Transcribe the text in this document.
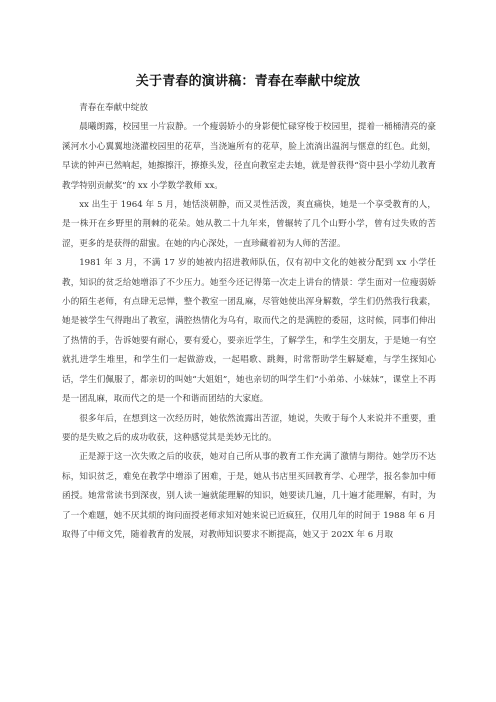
关于青春的演讲稿：青春在奉献中绽放

青春在奉献中绽放

晨曦朗露，校园里一片寂静。一个瘦弱娇小的身影便忙碌穿梭于校园里，提着一桶桶清亮的豪溪河水小心翼翼地浇灌校园里的花草，当浇遍所有的花草，脸上流淌出温润与惬意的红色。此刻，早读的钟声已然响起，她擦擦汗，撩撩头发，径直向教室走去她，就是曾获得“资中县小学幼儿教育教学特别贡献奖”的 xx 小学数学教师 xx。

xx 出生于 1964 年 5 月，她恬淡朝静，而又灵性活泼，爽直痛快，她是一个享受教育的人，是一株开在乡野里的荆棘的花朵。她从教二十九年来，曾辗转了几个山野小学，曾有过失败的苦涩，更多的是获得的甜蜜。在她的内心深处，一直珍藏着初为人师的苦涩。

1981 年 3 月，不满 17 岁的她被内招进教师队伍，仅有初中文化的她被分配到 xx 小学任教，知识的贫乏给她增添了不少压力。她至今还记得第一次走上讲台的情景：学生面对一位瘦弱娇小的陌生老师，有点肆无忌惮，整个教室一团乱麻，尽管她使出浑身解数，学生们仍然我行我素，她是被学生气得跑出了教室，满腔热情化为乌有，取而代之的是满腔的委屈，这时候，同事们伸出了热情的手，告诉她要有耐心，要有爱心，要亲近学生，了解学生，和学生交朋友，于是她一有空就扎进学生堆里，和学生们一起做游戏，一起唱歌、跳舞，时常帮助学生解疑难，与学生探知心话，学生们佩服了，都亲切的叫她“大姐姐”，她也亲切的叫学生们“小弟弟、小妹妹”，课堂上不再是一团乱麻，取而代之的是一个和谐而团结的大家庭。

很多年后，在想到这一次经历时，她依然流露出苦涩，她说，失败于每个人来说并不重要，重要的是失败之后的成功收获，这种感觉其是美妙无比的。

正是源于这一次失败之后的收获，她对自己所从事的教育工作充满了激情与期待。她学历不达标，知识贫乏，难免在教学中增添了困难，于是，她从书店里买回教育学、心理学，报名参加中师函授。她常常读书到深夜，别人读一遍就能理解的知识，她要读几遍，几十遍才能理解，有时，为了一个难题，她不厌其烦的询问面授老师求知对她来说已近疯狂，仅用几年的时间于 1988 年 6 月取得了中师文凭，随着教育的发展，对教师知识要求不断提高，她又于 202X 年 6 月取
